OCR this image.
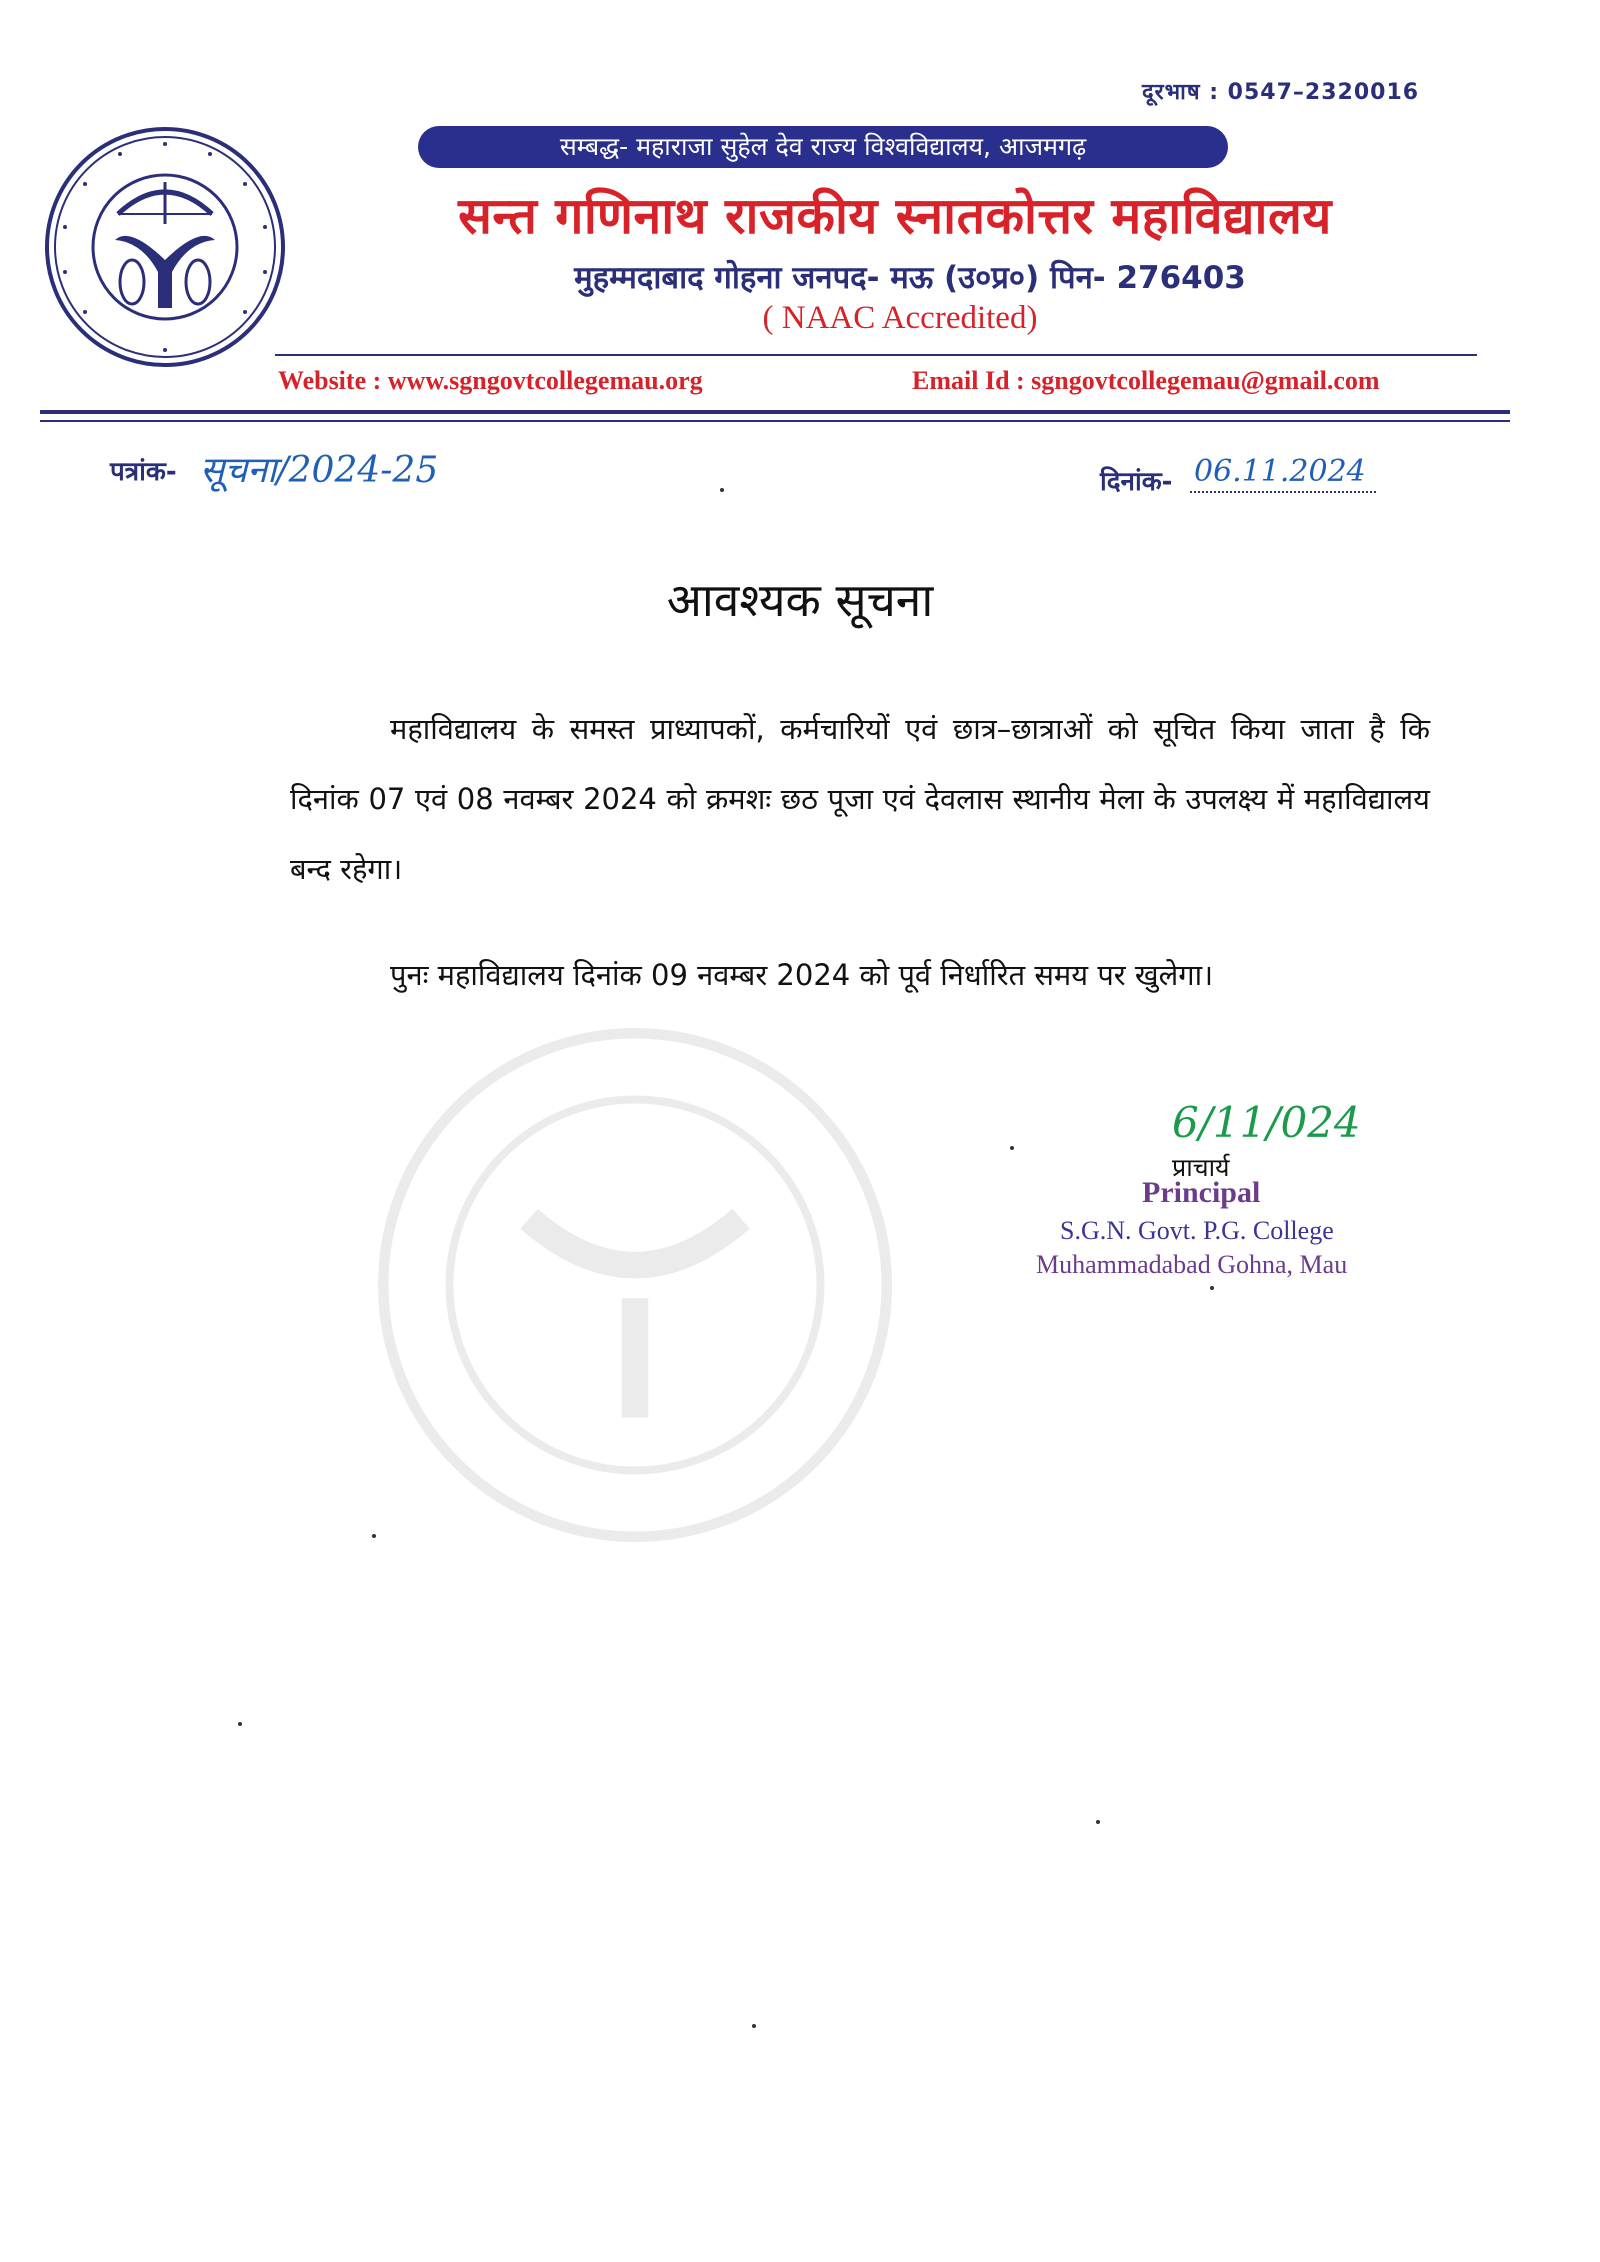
दूरभाष : 0547–2320016
सम्बद्ध- महाराजा सुहेल देव राज्य विश्वविद्यालय, आजमगढ़
सन्त गणिनाथ राजकीय स्नातकोत्तर महाविद्यालय
मुहम्मदाबाद गोहना जनपद- मऊ (उ०प्र०) पिन- 276403
( NAAC Accredited)
Website : www.sgngovtcollegemau.org	Email Id : sgngovtcollegemau@gmail.com
पत्रांक- सूचना/2024-25	दिनांक- 06.11.2024
आवश्यक सूचना
महाविद्यालय के समस्त प्राध्यापकों, कर्मचारियों एवं छात्र–छात्राओं को सूचित किया जाता है कि दिनांक 07 एवं 08 नवम्बर 2024 को क्रमशः छठ पूजा एवं देवलास स्थानीय मेला के उपलक्ष्य में महाविद्यालय बन्द रहेगा।
पुनः महाविद्यालय दिनांक 09 नवम्बर 2024 को पूर्व निर्धारित समय पर खुलेगा।
6/11/024
प्राचार्य
Principal
S.G.N. Govt. P.G. College
Muhammadabad Gohna, Mau
